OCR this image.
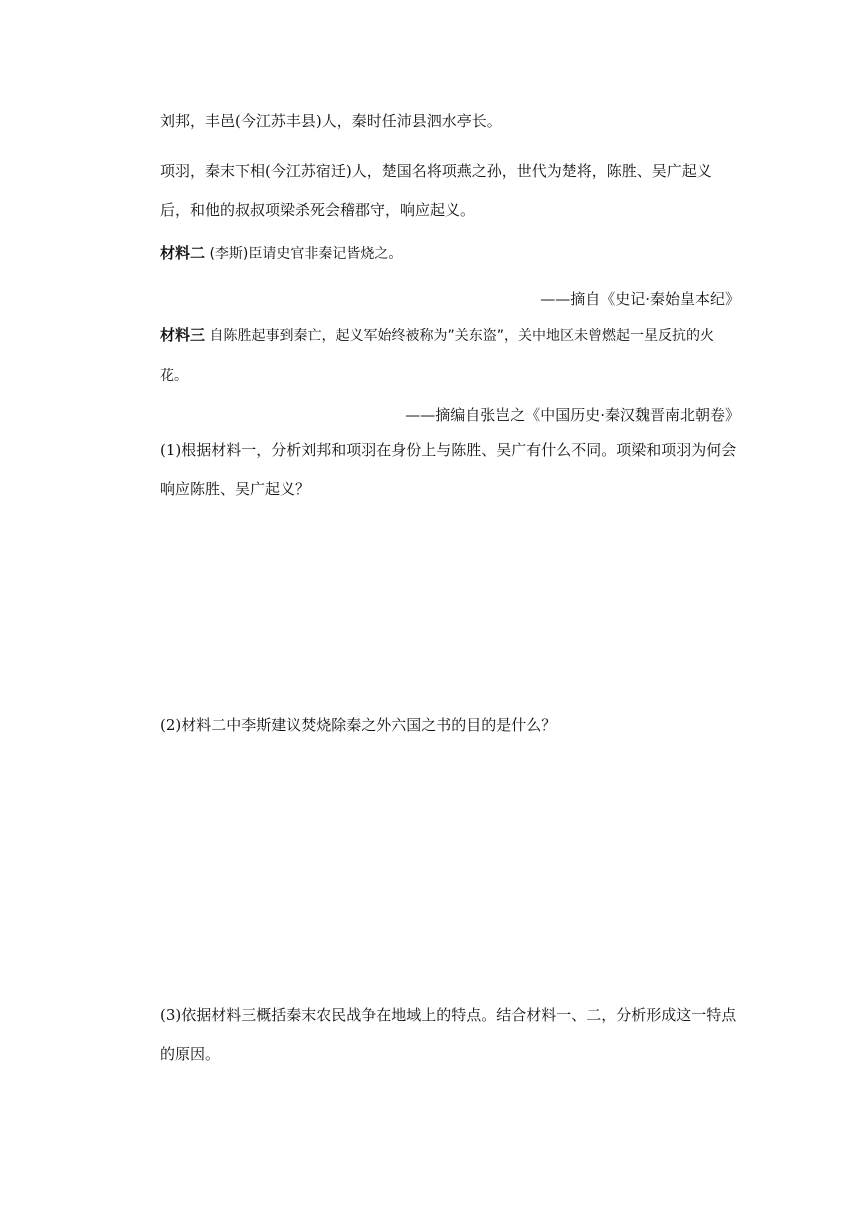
刘邦，丰邑(今江苏丰县)人，秦时任沛县泗水亭长。
项羽，秦末下相(今江苏宿迁)人，楚国名将项燕之孙，世代为楚将，陈胜、吴广起义后，和他的叔叔项梁杀死会稽郡守，响应起义。
材料二 (李斯)臣请史官非秦记皆烧之。
——摘自《史记·秦始皇本纪》
材料三 自陈胜起事到秦亡，起义军始终被称为”关东盗”，关中地区未曾燃起一星反抗的火花。
——摘编自张岂之《中国历史·秦汉魏晋南北朝卷》
(1)根据材料一，分析刘邦和项羽在身份上与陈胜、吴广有什么不同。项梁和项羽为何会响应陈胜、吴广起义？
(2)材料二中李斯建议焚烧除秦之外六国之书的目的是什么？
(3)依据材料三概括秦末农民战争在地域上的特点。结合材料一、二，分析形成这一特点的原因。
